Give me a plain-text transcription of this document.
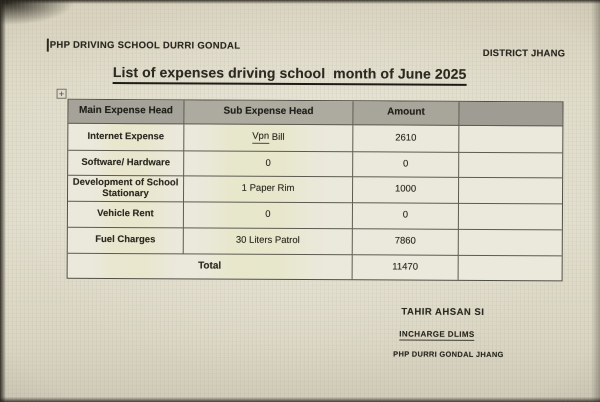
PHP DRIVING SCHOOL DURRI GONDAL
DISTRICT JHANG
List of expenses driving school  month of June 2025
+
Main Expense Head	Sub Expense Head	Amount
Internet Expense	Vpn Bill	2610
Software/ Hardware	0	0
Development of School Stationary	1 Paper Rim	1000
Vehicle Rent	0	0
Fuel Charges	30 Liters Patrol	7860
Total	11470
TAHIR AHSAN SI
INCHARGE DLIMS
PHP DURRI GONDAL JHANG
